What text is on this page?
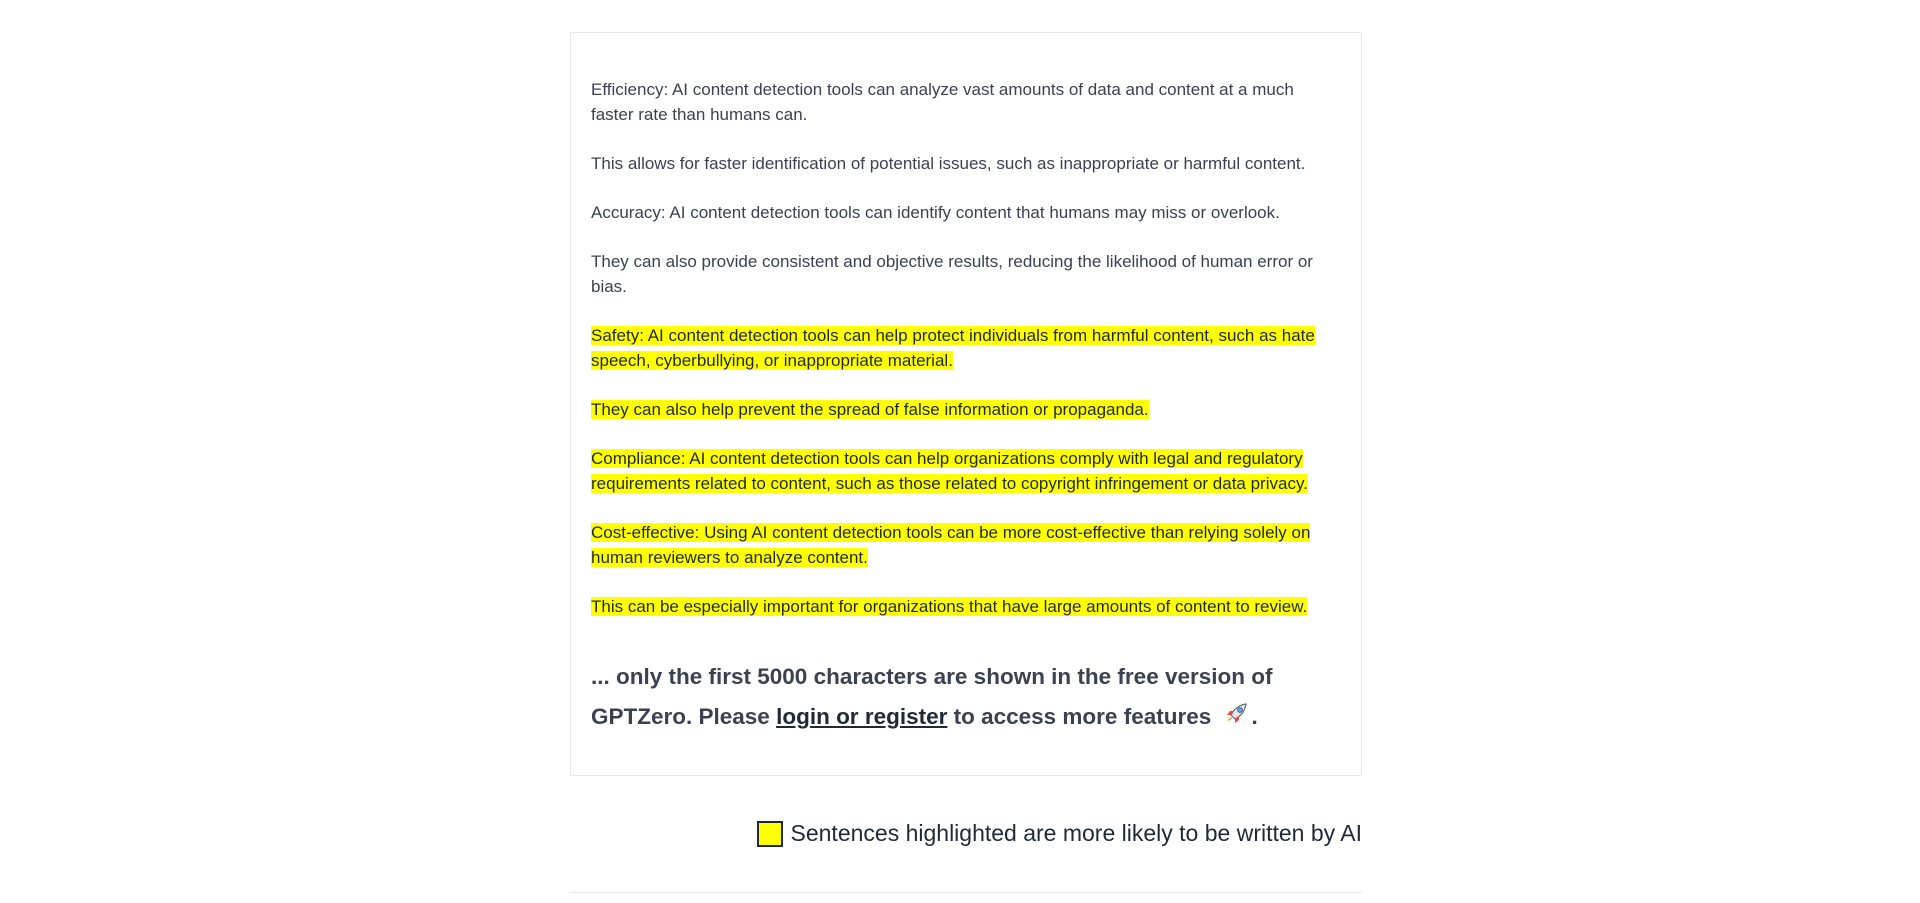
Efficiency: AI content detection tools can analyze vast amounts of data and content at a much faster rate than humans can.

This allows for faster identification of potential issues, such as inappropriate or harmful content.

Accuracy: AI content detection tools can identify content that humans may miss or overlook.

They can also provide consistent and objective results, reducing the likelihood of human error or bias.

Safety: AI content detection tools can help protect individuals from harmful content, such as hate speech, cyberbullying, or inappropriate material.

They can also help prevent the spread of false information or propaganda.

Compliance: AI content detection tools can help organizations comply with legal and regulatory requirements related to content, such as those related to copyright infringement or data privacy.

Cost-effective: Using AI content detection tools can be more cost-effective than relying solely on human reviewers to analyze content.

This can be especially important for organizations that have large amounts of content to review.

... only the first 5000 characters are shown in the free version of GPTZero. Please login or register to access more features .
Sentences highlighted are more likely to be written by AI
